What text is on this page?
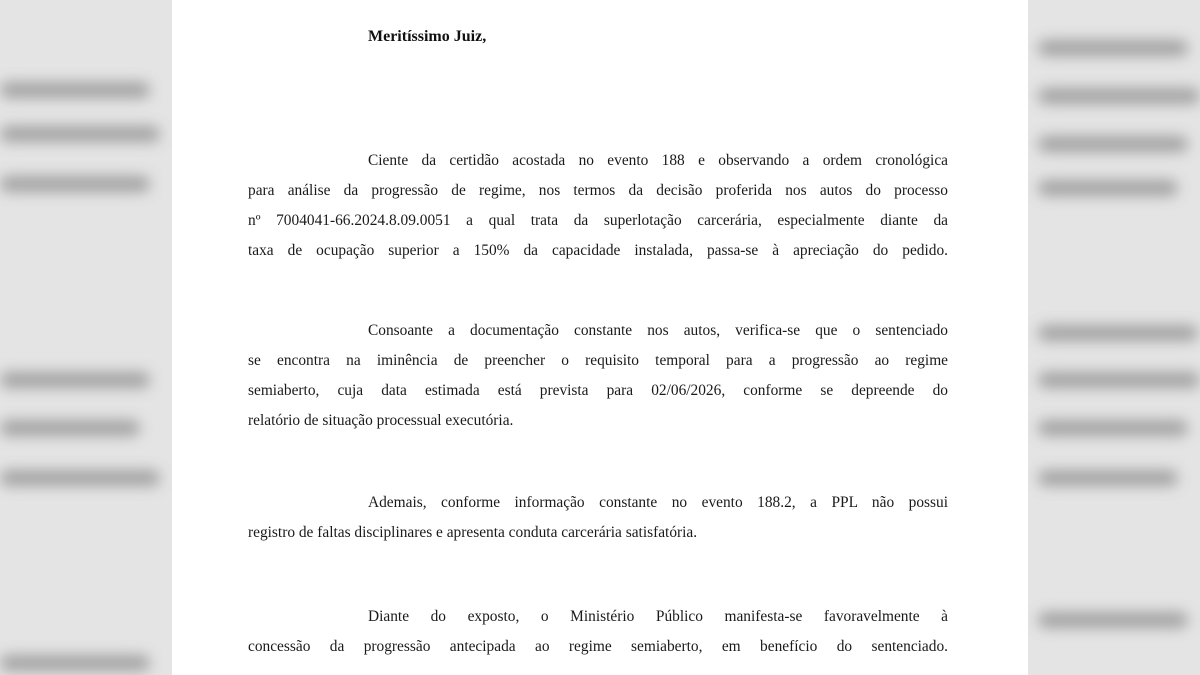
Meritíssimo Juiz,
Ciente da certidão acostada no evento 188 e observando a ordem cronológica
para análise da progressão de regime, nos termos da decisão proferida nos autos do processo
nº 7004041-66.2024.8.09.0051 a qual trata da superlotação carcerária, especialmente diante da
taxa de ocupação superior a 150% da capacidade instalada, passa-se à apreciação do pedido.
Consoante a documentação constante nos autos, verifica-se que o sentenciado
se encontra na iminência de preencher o requisito temporal para a progressão ao regime
semiaberto, cuja data estimada está prevista para 02/06/2026, conforme se depreende do
relatório de situação processual executória.
Ademais, conforme informação constante no evento 188.2, a PPL não possui
registro de faltas disciplinares e apresenta conduta carcerária satisfatória.
Diante do exposto, o Ministério Público manifesta-se favoravelmente à
concessão da progressão antecipada ao regime semiaberto, em benefício do sentenciado.
